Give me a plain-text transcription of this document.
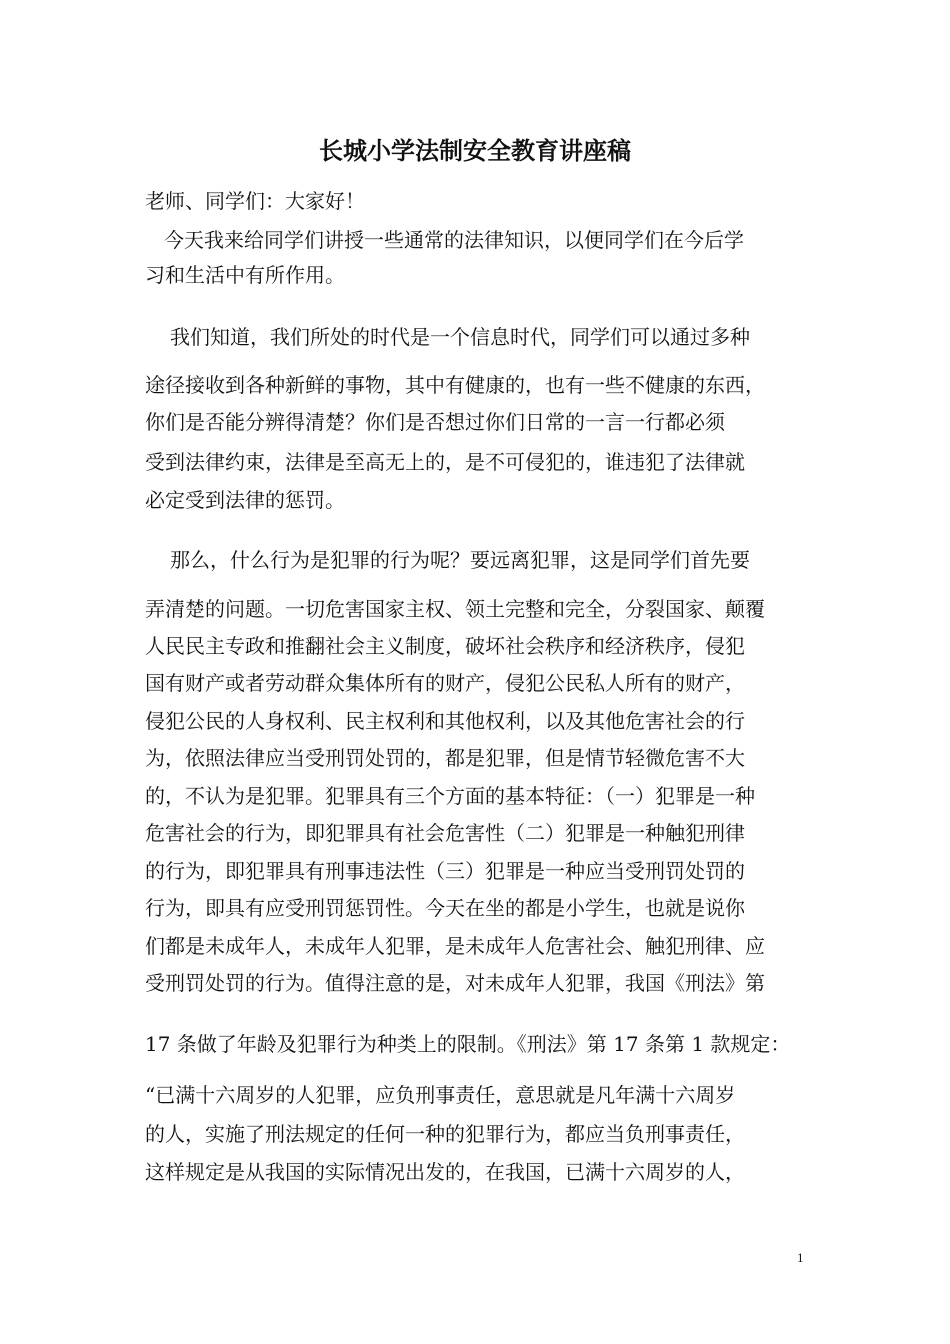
长城小学法制安全教育讲座稿
老师、同学们：大家好！
今天我来给同学们讲授一些通常的法律知识，以便同学们在今后学
习和生活中有所作用。
我们知道，我们所处的时代是一个信息时代，同学们可以通过多种
途径接收到各种新鲜的事物，其中有健康的，也有一些不健康的东西，
你们是否能分辨得清楚？你们是否想过你们日常的一言一行都必须
受到法律约束，法律是至高无上的，是不可侵犯的，谁违犯了法律就
必定受到法律的惩罚。
那么，什么行为是犯罪的行为呢？要远离犯罪，这是同学们首先要
弄清楚的问题。一切危害国家主权、领土完整和完全，分裂国家、颠覆
人民民主专政和推翻社会主义制度，破坏社会秩序和经济秩序，侵犯
国有财产或者劳动群众集体所有的财产，侵犯公民私人所有的财产，
侵犯公民的人身权利、民主权利和其他权利，以及其他危害社会的行
为，依照法律应当受刑罚处罚的，都是犯罪，但是情节轻微危害不大
的，不认为是犯罪。犯罪具有三个方面的基本特征：（一）犯罪是一种
危害社会的行为，即犯罪具有社会危害性（二）犯罪是一种触犯刑律
的行为，即犯罪具有刑事违法性（三）犯罪是一种应当受刑罚处罚的
行为，即具有应受刑罚惩罚性。今天在坐的都是小学生，也就是说你
们都是未成年人，未成年人犯罪，是未成年人危害社会、触犯刑律、应
受刑罚处罚的行为。值得注意的是，对未成年人犯罪，我国《刑法》第
17 条做了年龄及犯罪行为种类上的限制。《刑法》第 17 条第 1 款规定：
“已满十六周岁的人犯罪，应负刑事责任，意思就是凡年满十六周岁
的人，实施了刑法规定的任何一种的犯罪行为，都应当负刑事责任，
这样规定是从我国的实际情况出发的，在我国，已满十六周岁的人，
1
